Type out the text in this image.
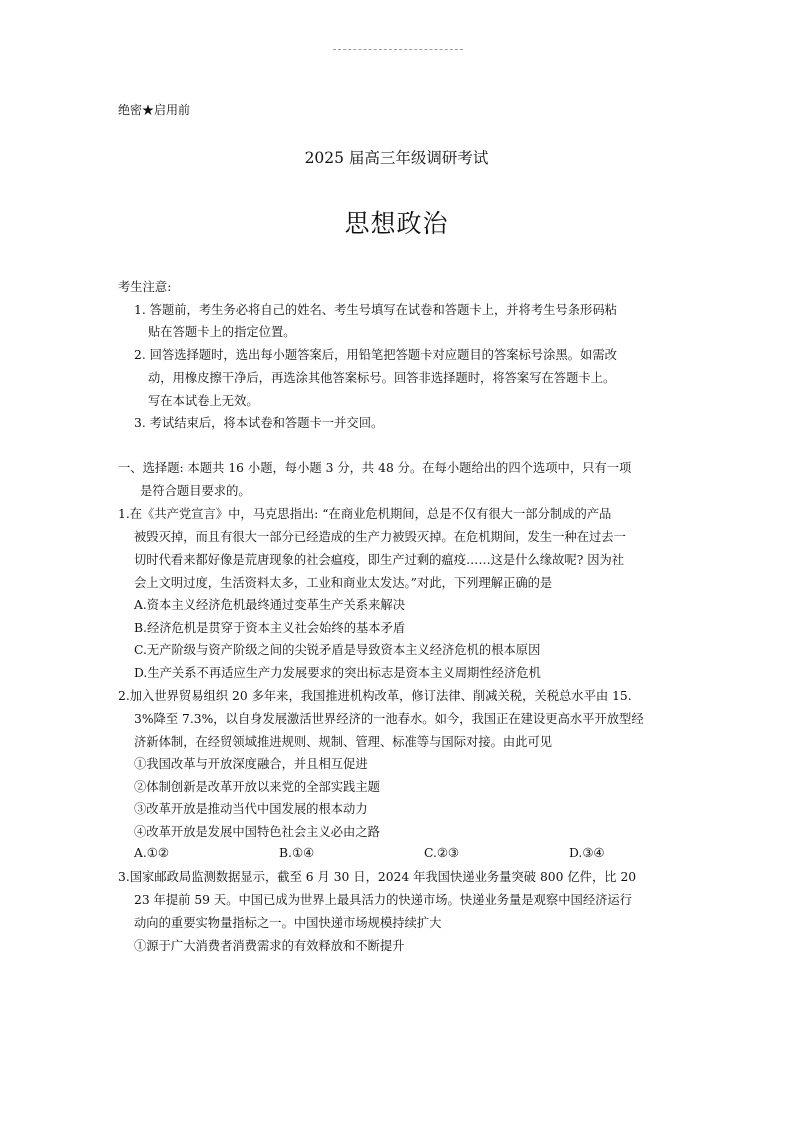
绝密★启用前
2025 届高三年级调研考试
思想政治
考生注意:
1. 答题前，考生务必将自己的姓名、考生号填写在试卷和答题卡上，并将考生号条形码粘
贴在答题卡上的指定位置。
2. 回答选择题时，选出每小题答案后，用铅笔把答题卡对应题目的答案标号涂黑。如需改
动，用橡皮擦干净后，再选涂其他答案标号。回答非选择题时，将答案写在答题卡上。
写在本试卷上无效。
3. 考试结束后，将本试卷和答题卡一并交回。
一、选择题: 本题共 16 小题，每小题 3 分，共 48 分。在每小题给出的四个选项中，只有一项
是符合题目要求的。
1.在《共产党宣言》中，马克思指出: “在商业危机期间，总是不仅有很大一部分制成的产品
被毁灭掉，而且有很大一部分已经造成的生产力被毁灭掉。在危机期间，发生一种在过去一
切时代看来都好像是荒唐现象的社会瘟疫，即生产过剩的瘟疫……这是什么缘故呢? 因为社
会上文明过度，生活资料太多，工业和商业太发达。”对此，下列理解正确的是
A.资本主义经济危机最终通过变革生产关系来解决
B.经济危机是贯穿于资本主义社会始终的基本矛盾
C.无产阶级与资产阶级之间的尖锐矛盾是导致资本主义经济危机的根本原因
D.生产关系不再适应生产力发展要求的突出标志是资本主义周期性经济危机
2.加入世界贸易组织 20 多年来，我国推进机构改革，修订法律、削减关税，关税总水平由 15.
3%降至 7.3%，以自身发展激活世界经济的一池春水。如今，我国正在建设更高水平开放型经
济新体制，在经贸领域推进规则、规制、管理、标准等与国际对接。由此可见
①我国改革与开放深度融合，并且相互促进
②体制创新是改革开放以来党的全部实践主题
③改革开放是推动当代中国发展的根本动力
④改革开放是发展中国特色社会主义必由之路
A.①②	B.①④	C.②③	D.③④
3.国家邮政局监测数据显示，截至 6 月 30 日，2024 年我国快递业务量突破 800 亿件，比 20
23 年提前 59 天。中国已成为世界上最具活力的快递市场。快递业务量是观察中国经济运行
动向的重要实物量指标之一。中国快递市场规模持续扩大
①源于广大消费者消费需求的有效释放和不断提升
